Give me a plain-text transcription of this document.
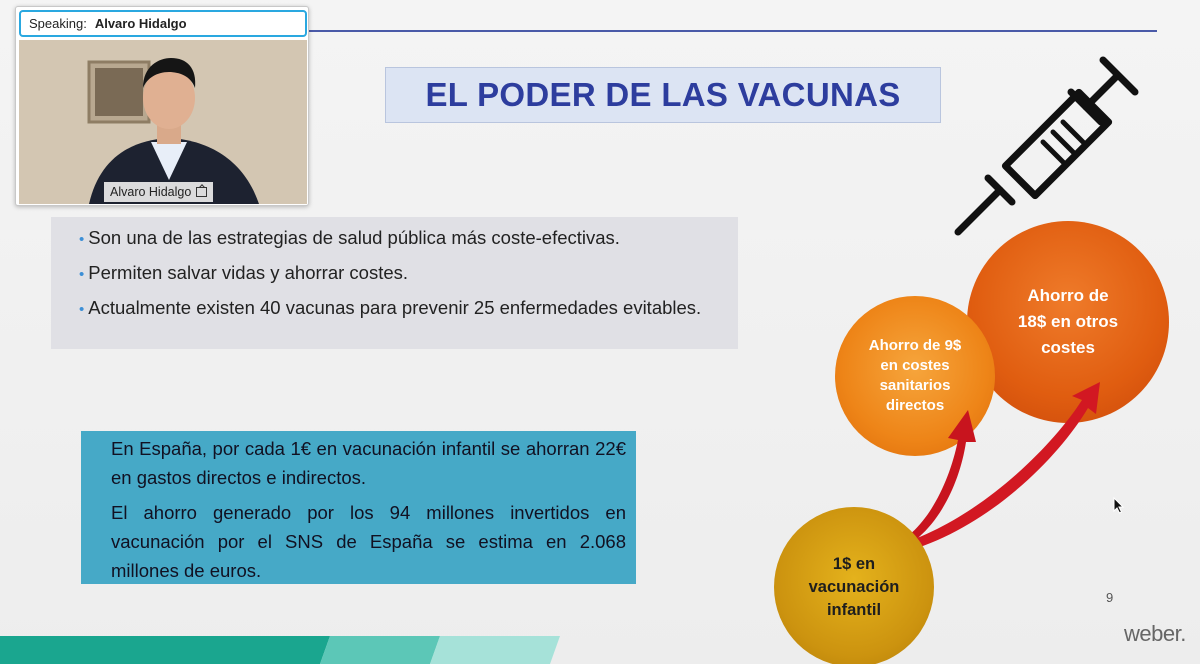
EL PODER DE LAS VACUNAS

• Son una de las estrategias de salud pública más coste-efectivas.

• Permiten salvar vidas y ahorrar costes.

• Actualmente existen 40 vacunas para prevenir 25 enfermedades evitables.

En España, por cada 1€ en vacunación infantil se ahorran 22€ en gastos directos e indirectos.

El ahorro generado por los 94 millones invertidos en vacunación por el SNS de España se estima en 2.068 millones de euros.

Ahorro de 18$ en otros costes
Ahorro de 9$ en costes sanitarios directos
1$ en vacunación infantil
9
weber.
Speaking: Alvaro Hidalgo
Alvaro Hidalgo
